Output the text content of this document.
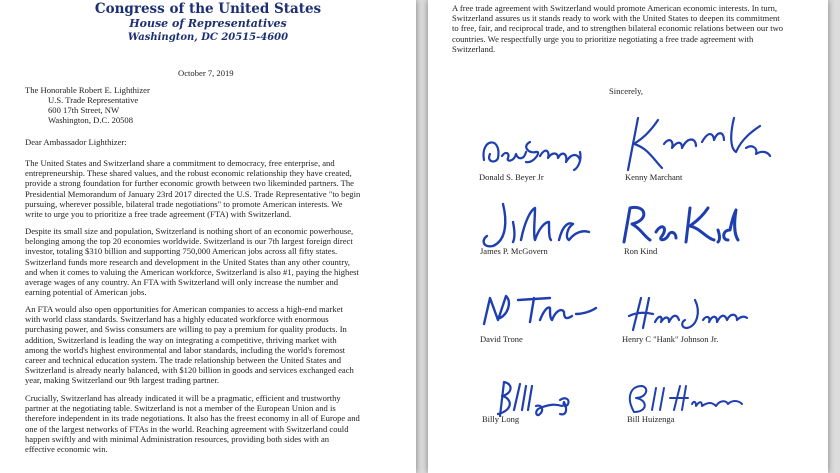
Congress of the United States
House of Representatives
Washington, DC 20515-4600
October 7, 2019
The Honorable Robert E. Lighthizer
U.S. Trade Representative
600 17th Street, NW
Washington, D.C. 20508
Dear Ambassador Lighthizer:
The United States and Switzerland share a commitment to democracy, free enterprise, and
entrepreneurship. These shared values, and the robust economic relationship they have created,
provide a strong foundation for further economic growth between two likeminded partners. The
Presidential Memorandum of January 23rd 2017 directed the U.S. Trade Representative "to begin
pursuing, wherever possible, bilateral trade negotiations" to promote American interests. We
write to urge you to prioritize a free trade agreement (FTA) with Switzerland.
Despite its small size and population, Switzerland is nothing short of an economic powerhouse,
belonging among the top 20 economies worldwide. Switzerland is our 7th largest foreign direct
investor, totaling $310 billion and supporting 750,000 American jobs across all fifty states.
Switzerland funds more research and development in the United States than any other country,
and when it comes to valuing the American workforce, Switzerland is also #1, paying the highest
average wages of any country. An FTA with Switzerland will only increase the number and
earning potential of American jobs.
An FTA would also open opportunities for American companies to access a high-end market
with world class standards. Switzerland has a highly educated workforce with enormous
purchasing power, and Swiss consumers are willing to pay a premium for quality products. In
addition, Switzerland is leading the way on integrating a competitive, thriving market with
among the world's highest environmental and labor standards, including the world's foremost
career and technical education system. The trade relationship between the United States and
Switzerland is already nearly balanced, with $120 billion in goods and services exchanged each
year, making Switzerland our 9th largest trading partner.
Crucially, Switzerland has already indicated it will be a pragmatic, efficient and trustworthy
partner at the negotiating table. Switzerland is not a member of the European Union and is
therefore independent in its trade negotiations. It also has the freest economy in all of Europe and
one of the largest networks of FTAs in the world. Reaching agreement with Switzerland could
happen swiftly and with minimal Administration resources, providing both sides with an
effective economic win.
A free trade agreement with Switzerland would promote American economic interests. In turn,
Switzerland assures us it stands ready to work with the United States to deepen its commitment
to free, fair, and reciprocal trade, and to strengthen bilateral economic relations between our two
countries. We respectfully urge you to prioritize negotiating a free trade agreement with
Switzerland.
Sincerely,
Donald S. Beyer Jr	Kenny Marchant
James P. McGovern	Ron Kind
David Trone	Henry C "Hank" Johnson Jr.
Billy Long	Bill Huizenga
